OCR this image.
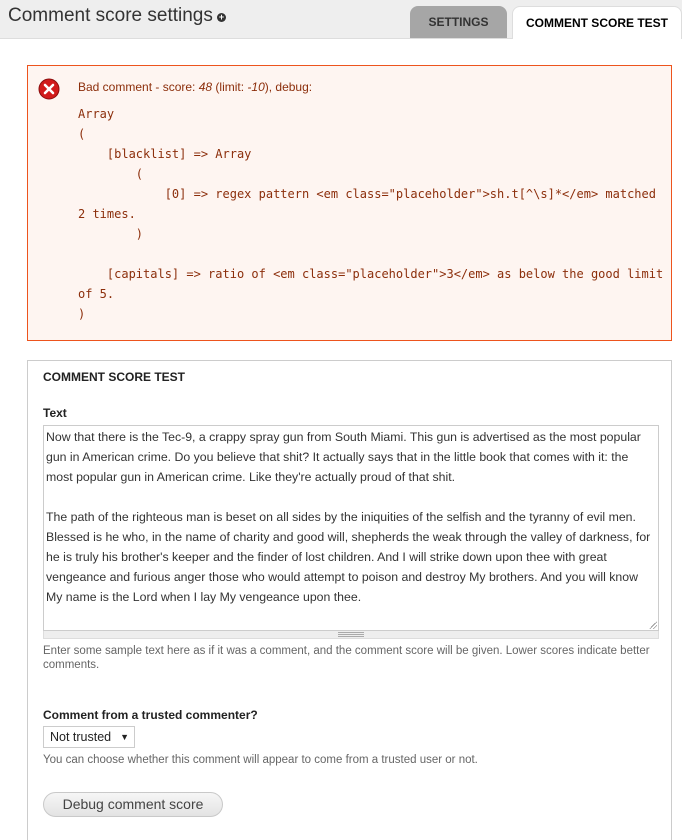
Comment score settings +	SETTINGS	COMMENT SCORE TEST
Bad comment - score: 48 (limit: -10), debug:
Array
(
[blacklist] => Array
(
[0] => regex pattern <em class="placeholder">sh.t[^\s]*</em> matched 2 times.
)

[capitals] => ratio of <em class="placeholder">3</em> as below the good limit of 5.
)
COMMENT SCORE TEST
Text

Now that there is the Tec-9, a crappy spray gun from South Miami. This gun is advertised as the most popular gun in American crime. Do you believe that shit? It actually says that in the little book that comes with it: the most popular gun in American crime. Like they're actually proud of that shit.

The path of the righteous man is beset on all sides by the iniquities of the selfish and the tyranny of evil men. Blessed is he who, in the name of charity and good will, shepherds the weak through the valley of darkness, for he is truly his brother's keeper and the finder of lost children. And I will strike down upon thee with great vengeance and furious anger those who would attempt to poison and destroy My brothers. And you will know My name is the Lord when I lay My vengeance upon thee.

Enter some sample text here as if it was a comment, and the comment score will be given. Lower scores indicate better comments.
Comment from a trusted commenter?
Not trusted ▼
You can choose whether this comment will appear to come from a trusted user or not.
Debug comment score
